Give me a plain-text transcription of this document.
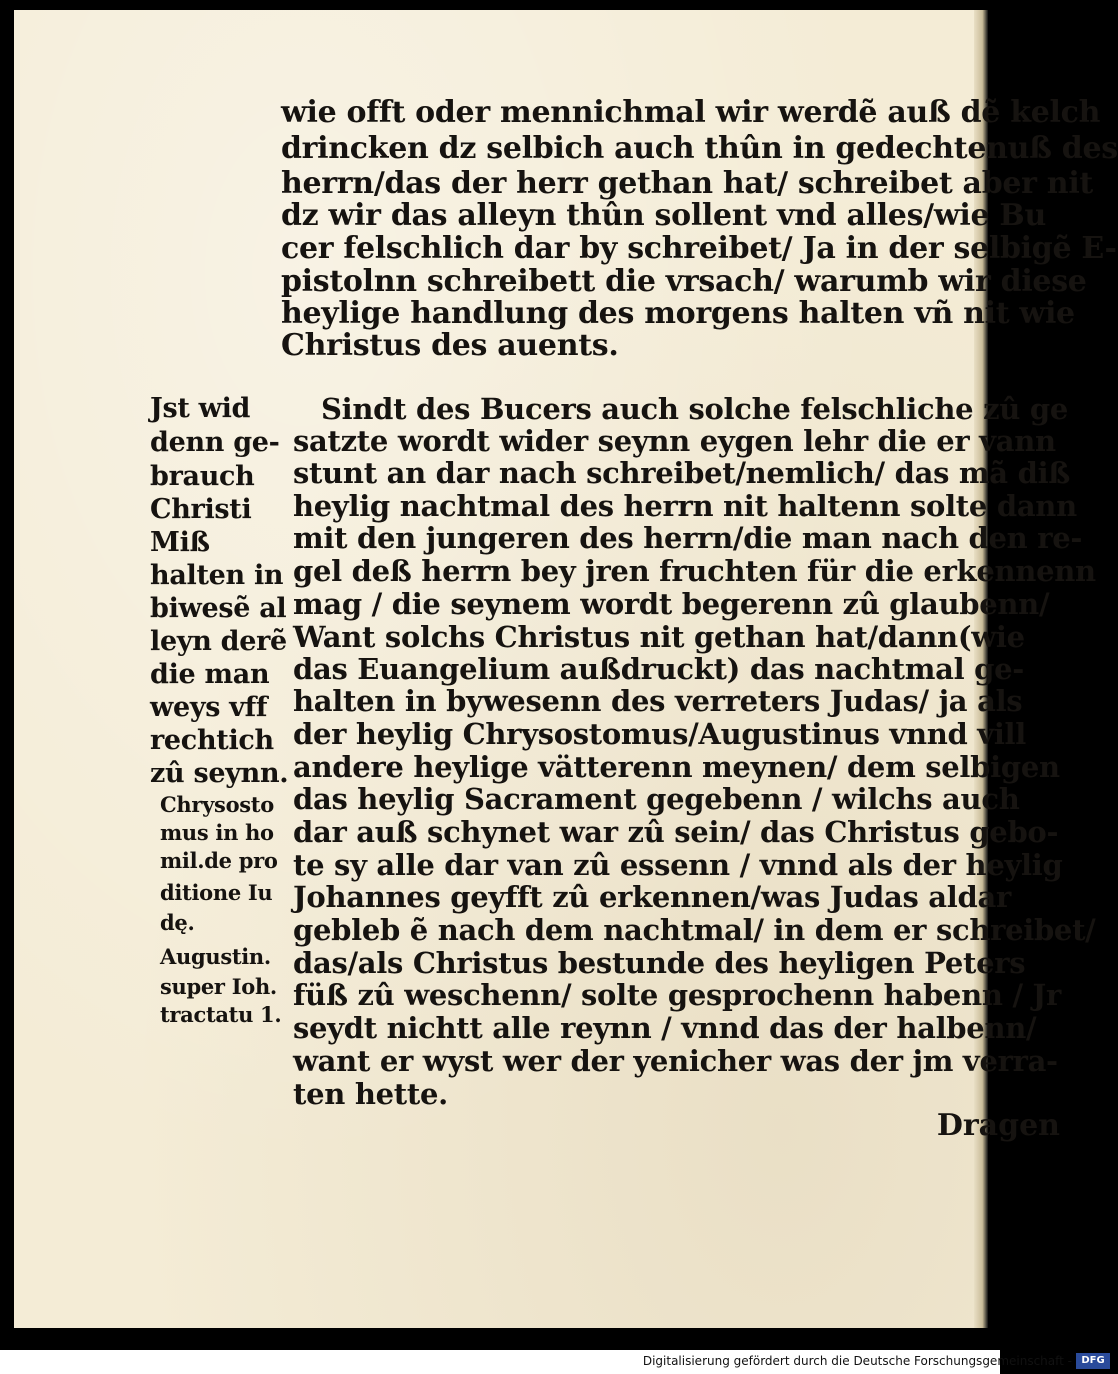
wie offt oder mennichmal wir werdẽ auß dẽ kelch
drincken dz selbich auch thûn in gedechtenuß des
herrn/das der herr gethan hat/ schreibet aber nit
dz wir das alleyn thûn sollent vnd alles/wie Bu
cer felschlich dar by schreibet/ Ja in der selbigẽ E-
pistolnn schreibett die vrsach/ warumb wir diese
heylige handlung des morgens halten vñ nit wie
Christus des auents.
Sindt des Bucers auch solche felschliche zû ge
satzte wordt wider seynn eygen lehr die er vann
stunt an dar nach schreibet/nemlich/ das mã diß
heylig nachtmal des herrn nit haltenn solte dann
mit den jungeren des herrn/die man nach den re-
gel deß herrn bey jren fruchten für die erkennenn
mag / die seynem wordt begerenn zû glaubenn/
Want solchs Christus nit gethan hat/dann(wie
das Euangelium außdruckt) das nachtmal ge-
halten in bywesenn des verreters Judas/ ja als
der heylig Chrysostomus/Augustinus vnnd vill
andere heylige vätterenn meynen/ dem selbigen
das heylig Sacrament gegebenn / wilchs auch
dar auß schynet war zû sein/ das Christus gebo-
te sy alle dar van zû essenn / vnnd als der heylig
Johannes geyfft zû erkennen/was Judas aldar
gebleb ẽ nach dem nachtmal/ in dem er schreibet/
das/als Christus bestunde des heyligen Peters
füß zû weschenn/ solte gesprochenn habenn / Jr
seydt nichtt alle reynn / vnnd das der halbenn/
want er wyst wer der yenicher was der jm verra-
ten hette.
Jst wid
denn ge-
brauch
Christi
Miß
halten in
biwesẽ al
leyn derẽ
die man
weys vff
rechtich
zû seynn.
Chrysosto
mus in ho
mil.de pro
ditione Iu
dę.
Augustin.
super Ioh.
tractatu 1.
Dragen
Digitalisierung gefördert durch die Deutsche Forschungsgemeinschaft - DFG
